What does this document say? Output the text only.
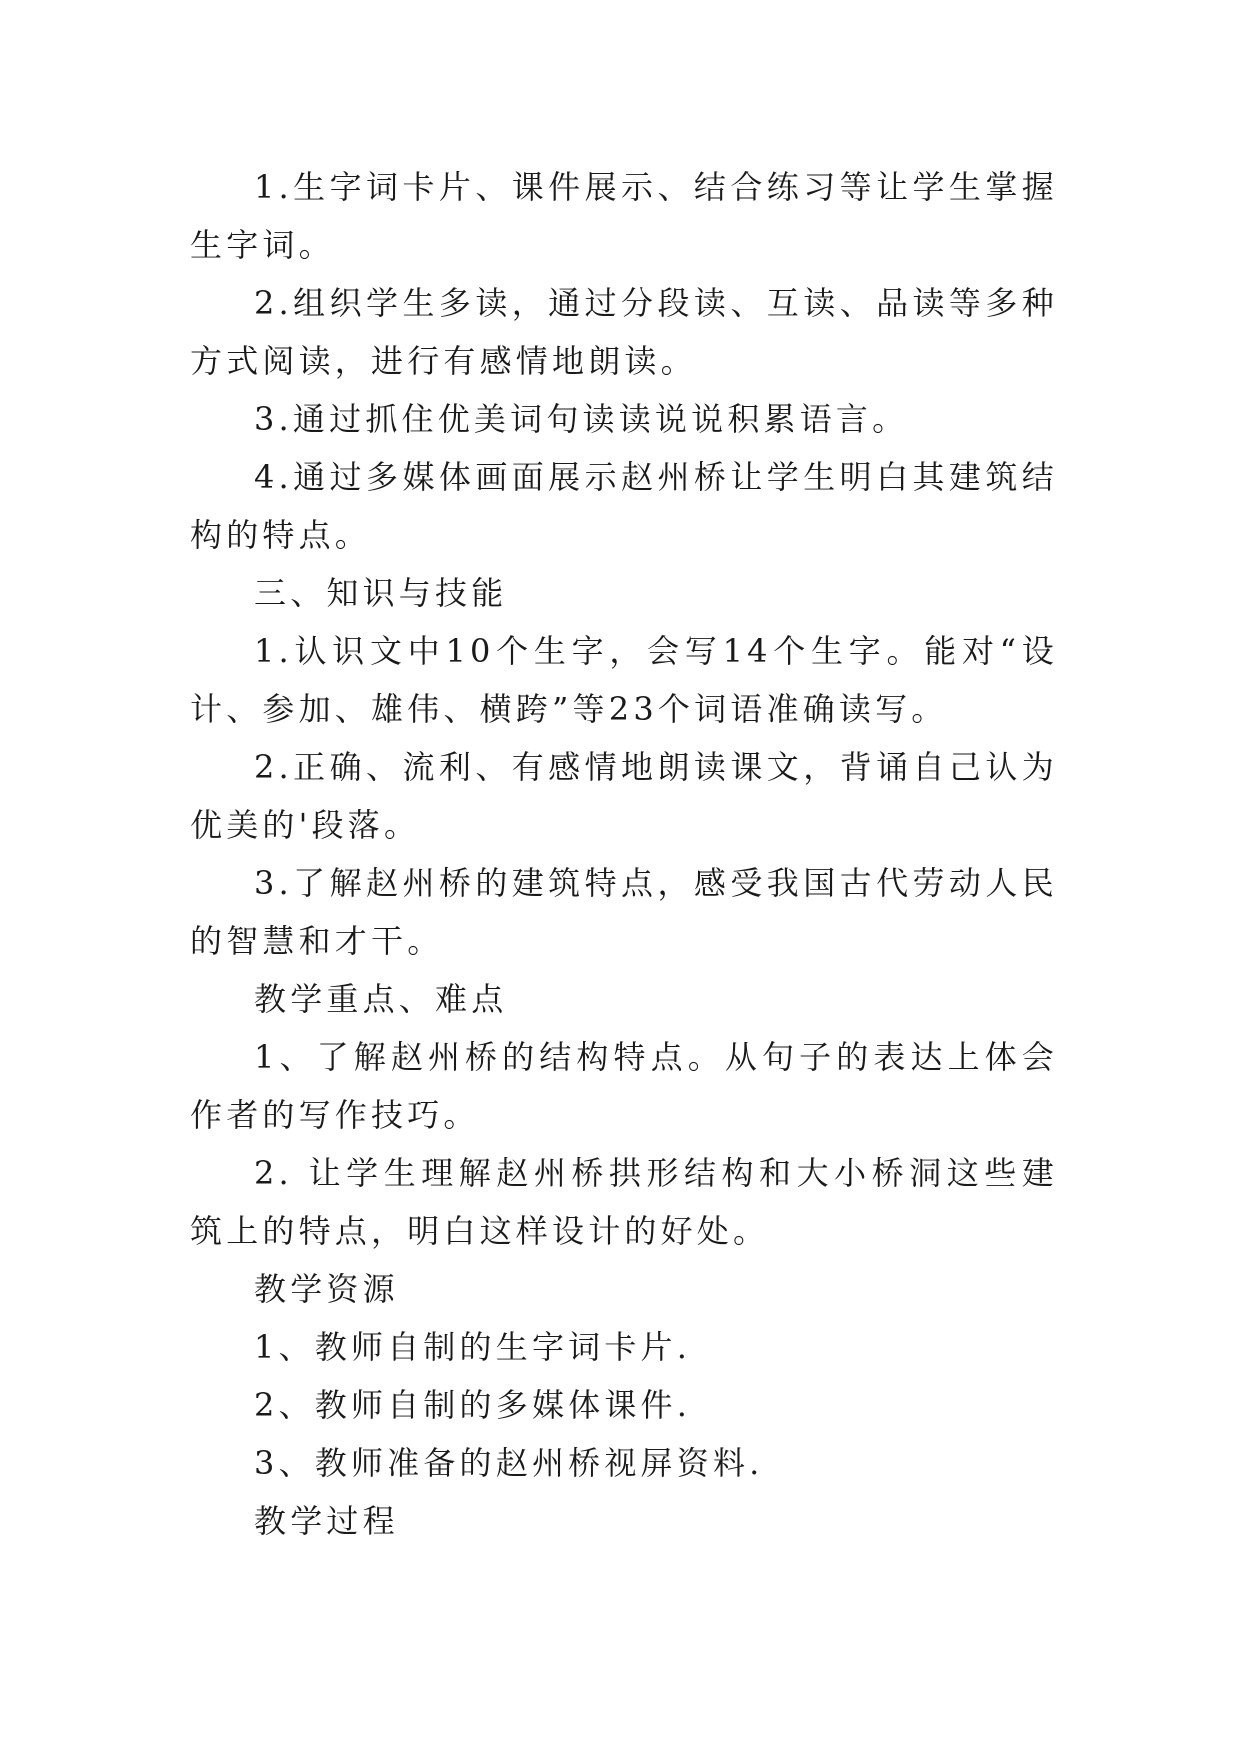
1.生字词卡片、课件展示、结合练习等让学生掌握生字词。

2.组织学生多读，通过分段读、互读、品读等多种方式阅读，进行有感情地朗读。

3.通过抓住优美词句读读说说积累语言。

4.通过多媒体画面展示赵州桥让学生明白其建筑结构的特点。

三、知识与技能

1.认识文中10个生字，会写14个生字。能对“设计、参加、雄伟、横跨”等23个词语准确读写。

2.正确、流利、有感情地朗读课文，背诵自己认为优美的'段落。

3.了解赵州桥的建筑特点，感受我国古代劳动人民的智慧和才干。

教学重点、难点

1、了解赵州桥的结构特点。从句子的表达上体会作者的写作技巧。

2. 让学生理解赵州桥拱形结构和大小桥洞这些建筑上的特点，明白这样设计的好处。

教学资源

1、教师自制的生字词卡片.

2、教师自制的多媒体课件.

3、教师准备的赵州桥视屏资料.

教学过程
